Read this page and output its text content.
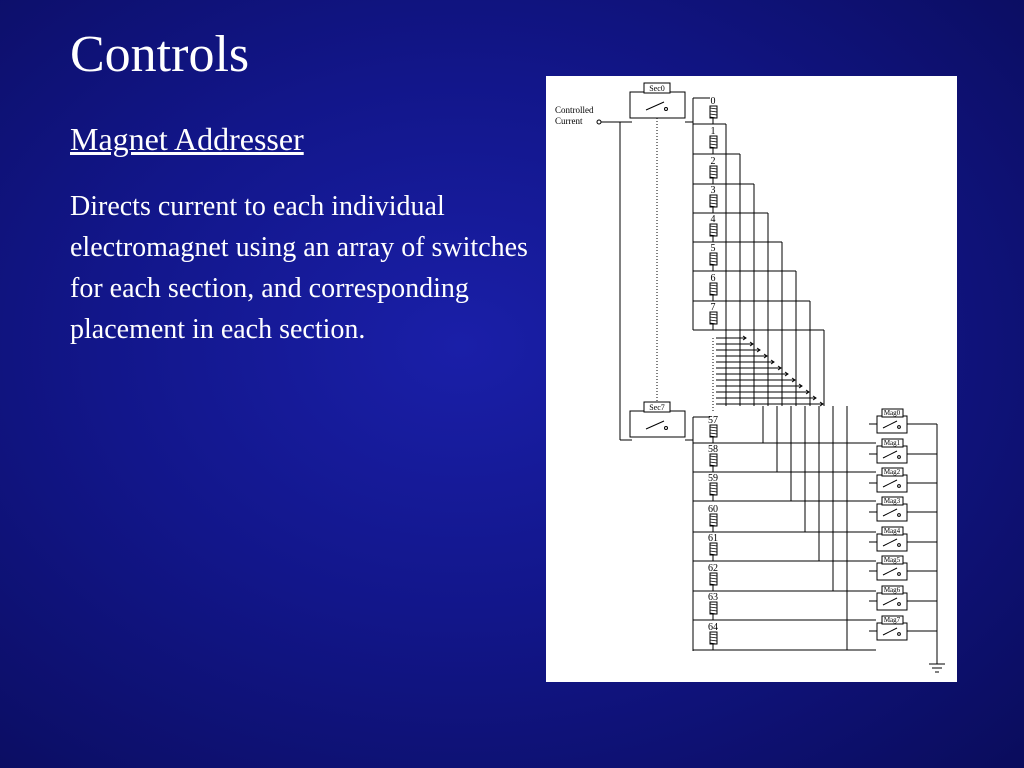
Controls
Magnet Addresser

Directs current to each individual electromagnet using an array of switches for each section, and corresponding placement in each section.

Sec0
Sec7
0
1
2
3
4
5
6
7
57
58
59
60
61
62
63
64
Mag0
Mag1
Mag2
Mag3
Mag4
Mag5
Mag6
Mag7
Controlled
Current
